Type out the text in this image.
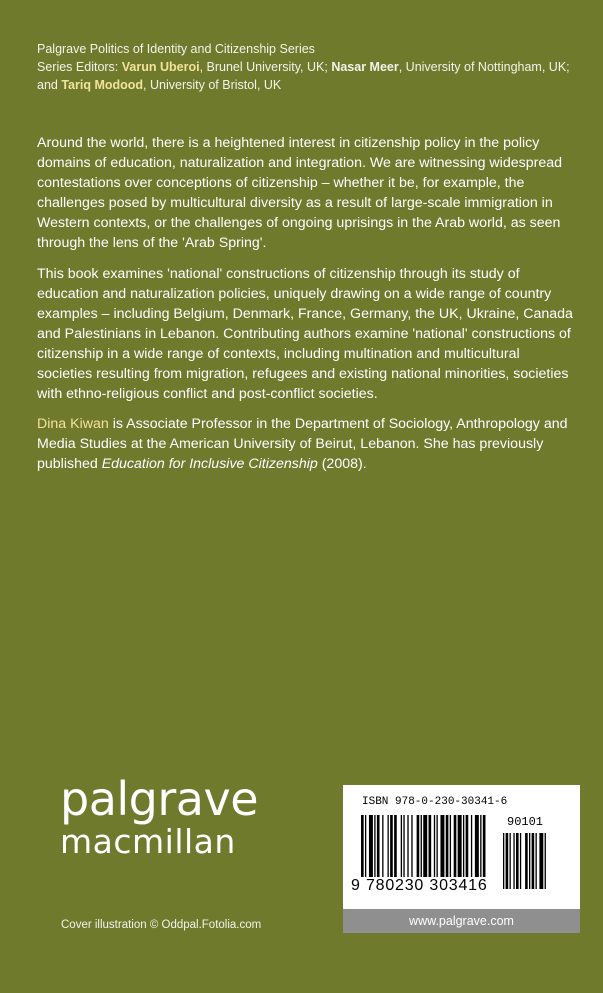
Palgrave Politics of Identity and Citizenship Series
Series Editors: Varun Uberoi, Brunel University, UK; Nasar Meer, University of Nottingham, UK;
and Tariq Modood, University of Bristol, UK

Around the world, there is a heightened interest in citizenship policy in the policy domains of education, naturalization and integration. We are witnessing widespread contestations over conceptions of citizenship – whether it be, for example, the challenges posed by multicultural diversity as a result of large-scale immigration in Western contexts, or the challenges of ongoing uprisings in the Arab world, as seen through the lens of the 'Arab Spring'.

This book examines 'national' constructions of citizenship through its study of education and naturalization policies, uniquely drawing on a wide range of country examples – including Belgium, Denmark, France, Germany, the UK, Ukraine, Canada and Palestinians in Lebanon. Contributing authors examine 'national' constructions of citizenship in a wide range of contexts, including multination and multicultural societies resulting from migration, refugees and existing national minorities, societies with ethno-religious conflict and post-conflict societies.

Dina Kiwan is Associate Professor in the Department of Sociology, Anthropology and Media Studies at the American University of Beirut, Lebanon. She has previously published Education for Inclusive Citizenship (2008).

palgrave
macmillan
Cover illustration © Oddpal.Fotolia.com
ISBN 978-0-230-30341-6
90101
9 780230 303416
www.palgrave.com
